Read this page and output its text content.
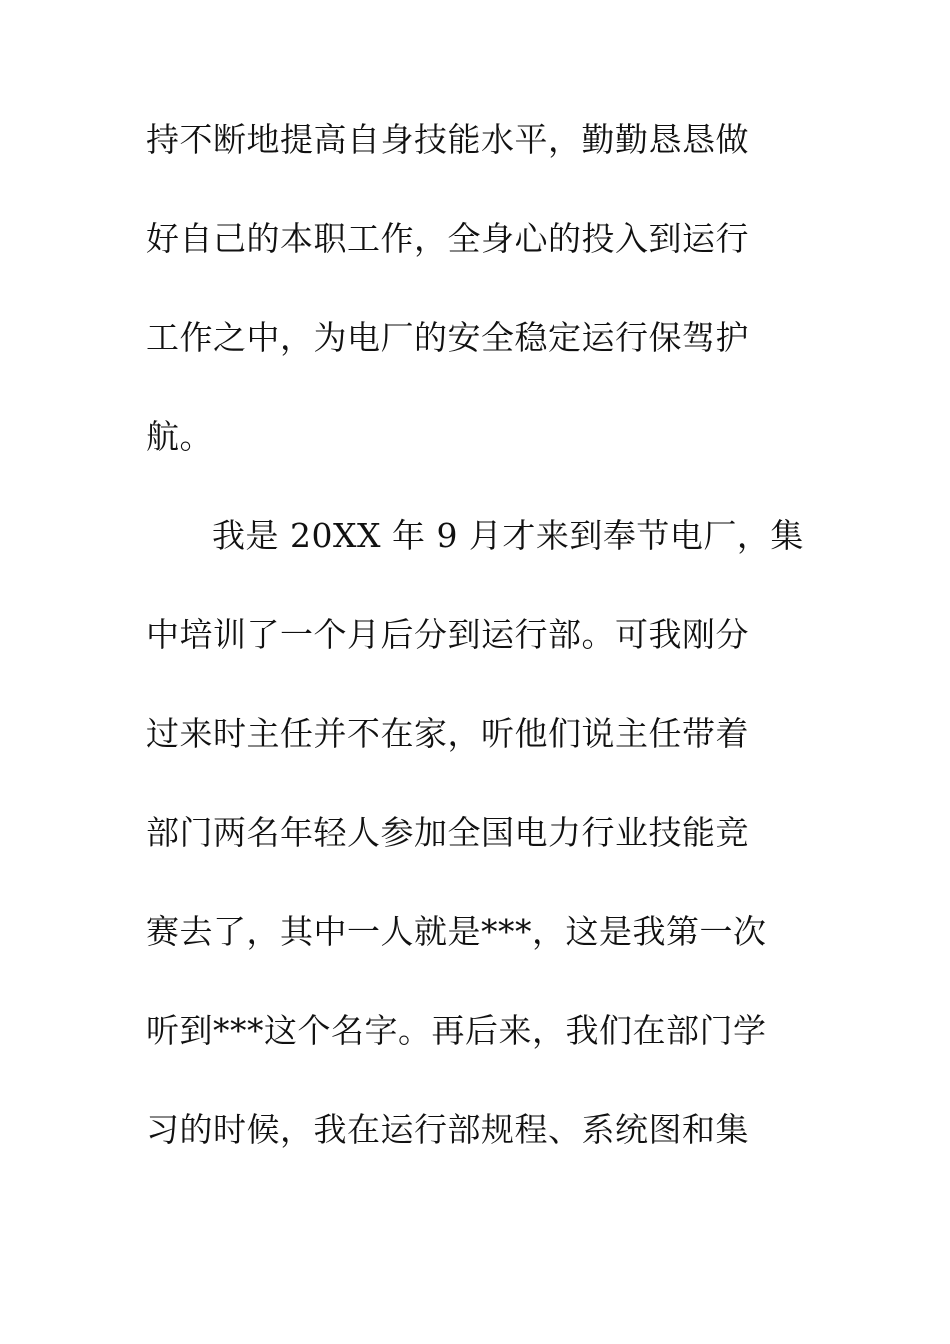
持不断地提高自身技能水平，勤勤恳恳做
好自己的本职工作，全身心的投入到运行
工作之中，为电厂的安全稳定运行保驾护
航。
我是 20XX 年 9 月才来到奉节电厂，集
中培训了一个月后分到运行部。可我刚分
过来时主任并不在家，听他们说主任带着
部门两名年轻人参加全国电力行业技能竞
赛去了，其中一人就是***，这是我第一次
听到***这个名字。再后来，我们在部门学
习的时候，我在运行部规程、系统图和集
